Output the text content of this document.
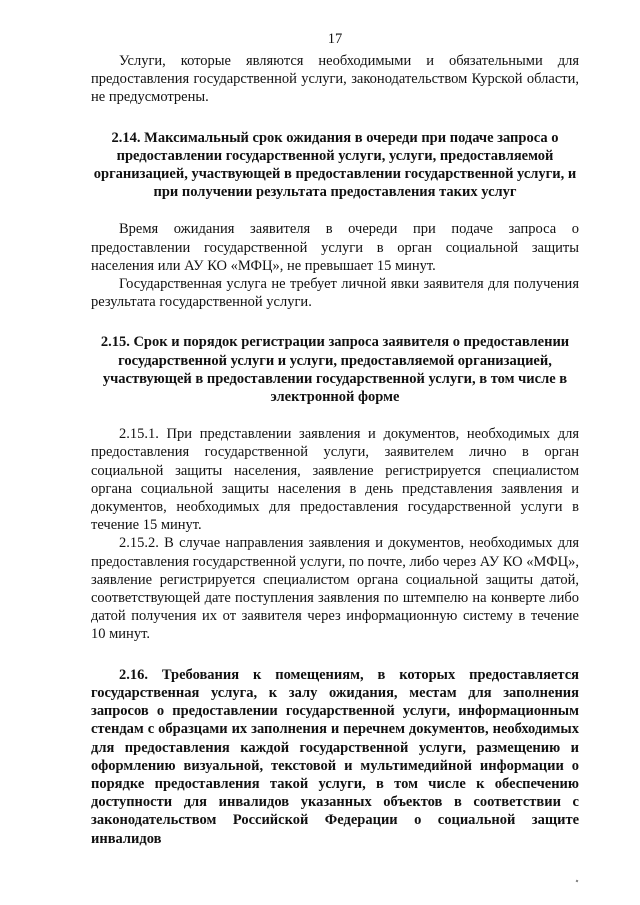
17

Услуги, которые являются необходимыми и обязательными для предоставления государственной услуги, законодательством Курской области, не предусмотрены.

2.14. Максимальный срок ожидания в очереди при подаче запроса о предоставлении государственной услуги, услуги, предоставляемой организацией, участвующей в предоставлении государственной услуги, и при получении результата предоставления таких услуг

Время ожидания заявителя в очереди при подаче запроса о предоставлении государственной услуги в орган социальной защиты населения или АУ КО «МФЦ», не превышает 15 минут.

Государственная услуга не требует личной явки заявителя для получения результата государственной услуги.

2.15. Срок и порядок регистрации запроса заявителя о предоставлении государственной услуги и услуги, предоставляемой организацией, участвующей в предоставлении государственной услуги, в том числе в электронной форме

2.15.1. При представлении заявления и документов, необходимых для предоставления государственной услуги, заявителем лично в орган социальной защиты населения, заявление регистрируется специалистом органа социальной защиты населения в день представления заявления и документов, необходимых для предоставления государственной услуги в течение 15 минут.

2.15.2. В случае направления заявления и документов, необходимых для предоставления государственной услуги, по почте, либо через АУ КО «МФЦ», заявление регистрируется специалистом органа социальной защиты датой, соответствующей дате поступления заявления по штемпелю на конверте либо датой получения их от заявителя через информационную систему в течение 10 минут.

2.16. Требования к помещениям, в которых предоставляется государственная услуга, к залу ожидания, местам для заполнения запросов о предоставлении государственной услуги, информационным стендам с образцами их заполнения и перечнем документов, необходимых для предоставления каждой государственной услуги, размещению и оформлению визуальной, текстовой и мультимедийной информации о порядке предоставления такой услуги, в том числе к обеспечению доступности для инвалидов указанных объектов в соответствии с законодательством Российской Федерации о социальной защите инвалидов
